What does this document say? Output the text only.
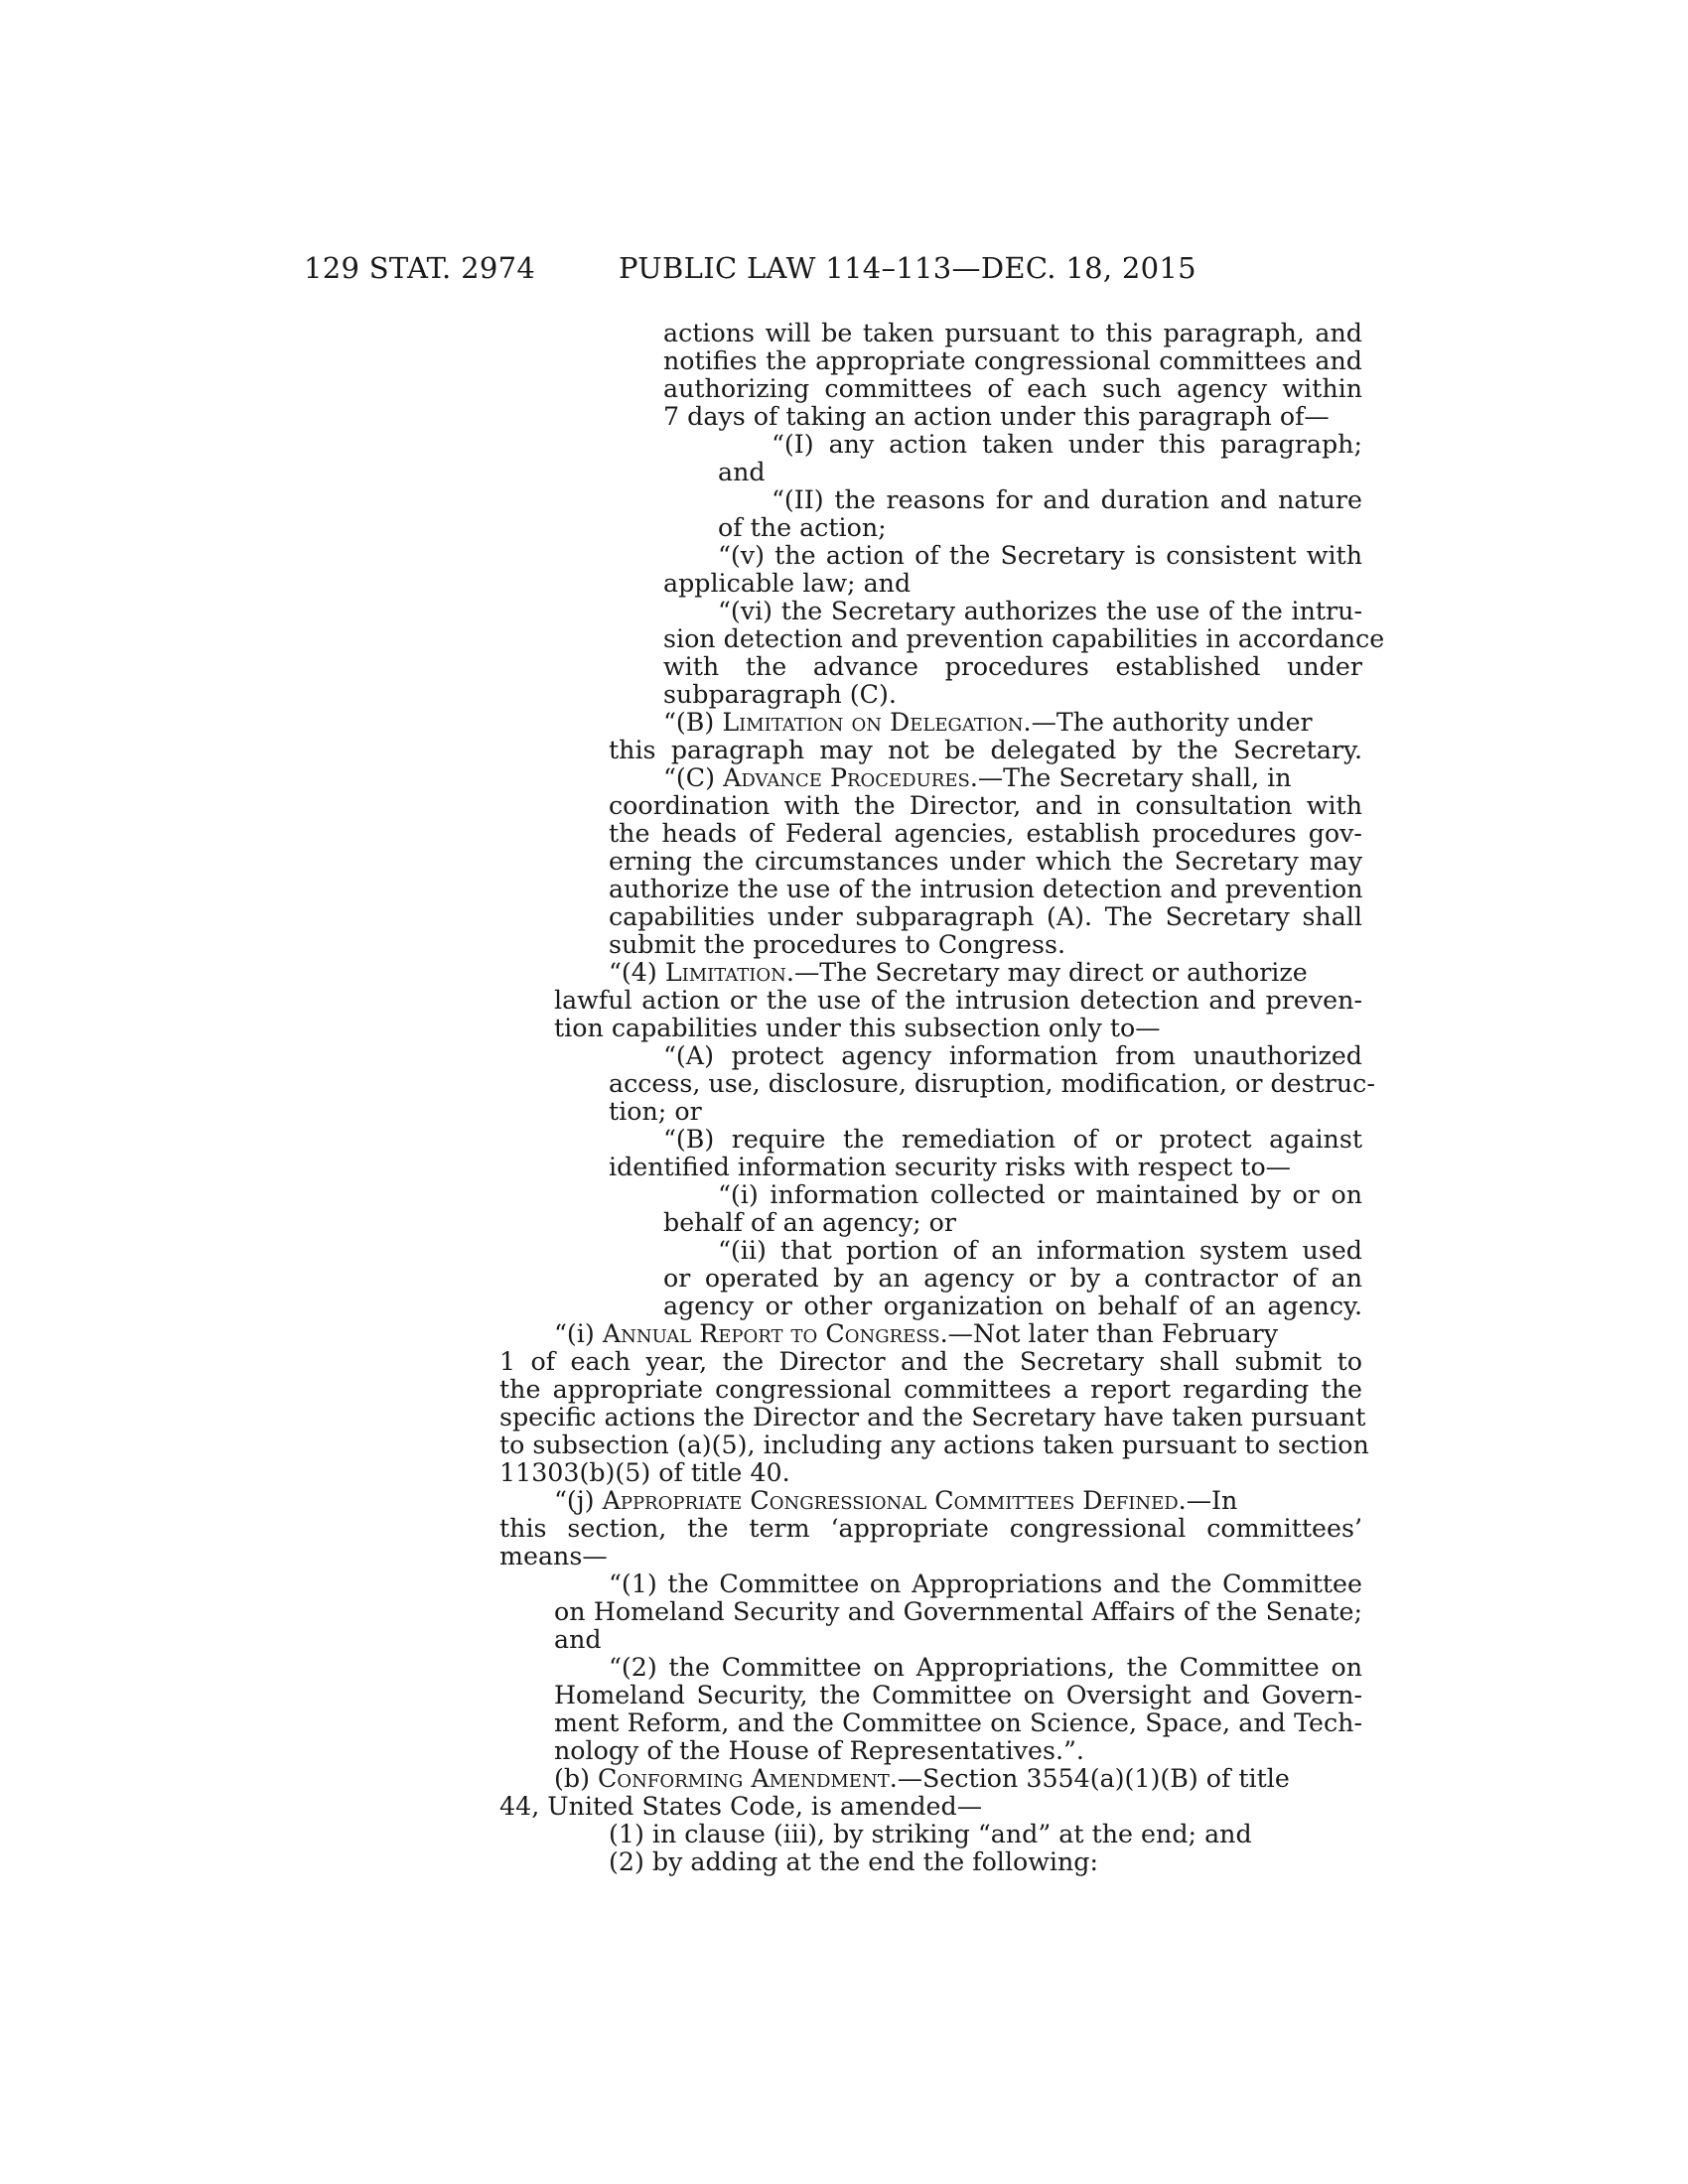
129 STAT. 2974	PUBLIC LAW 114–113—DEC. 18, 2015
actions will be taken pursuant to this paragraph, and
notifies the appropriate congressional committees and
authorizing committees of each such agency within
7 days of taking an action under this paragraph of—
“(I) any action taken under this paragraph;
and
“(II) the reasons for and duration and nature
of the action;
“(v) the action of the Secretary is consistent with
applicable law; and
“(vi) the Secretary authorizes the use of the intru-
sion detection and prevention capabilities in accordance
with the advance procedures established under
subparagraph (C).
“(B) Limitation on Delegation.—The authority under
this paragraph may not be delegated by the Secretary.
“(C) Advance Procedures.—The Secretary shall, in
coordination with the Director, and in consultation with
the heads of Federal agencies, establish procedures gov-
erning the circumstances under which the Secretary may
authorize the use of the intrusion detection and prevention
capabilities under subparagraph (A). The Secretary shall
submit the procedures to Congress.
“(4) Limitation.—The Secretary may direct or authorize
lawful action or the use of the intrusion detection and preven-
tion capabilities under this subsection only to—
“(A) protect agency information from unauthorized
access, use, disclosure, disruption, modification, or destruc-
tion; or
“(B) require the remediation of or protect against
identified information security risks with respect to—
“(i) information collected or maintained by or on
behalf of an agency; or
“(ii) that portion of an information system used
or operated by an agency or by a contractor of an
agency or other organization on behalf of an agency.
“(i) Annual Report to Congress.—Not later than February
1 of each year, the Director and the Secretary shall submit to
the appropriate congressional committees a report regarding the
specific actions the Director and the Secretary have taken pursuant
to subsection (a)(5), including any actions taken pursuant to section
11303(b)(5) of title 40.
“(j) Appropriate Congressional Committees Defined.—In
this section, the term ‘appropriate congressional committees’
means—
“(1) the Committee on Appropriations and the Committee
on Homeland Security and Governmental Affairs of the Senate;
and
“(2) the Committee on Appropriations, the Committee on
Homeland Security, the Committee on Oversight and Govern-
ment Reform, and the Committee on Science, Space, and Tech-
nology of the House of Representatives.”.
(b) Conforming Amendment.—Section 3554(a)(1)(B) of title
44, United States Code, is amended—
(1) in clause (iii), by striking “and” at the end; and
(2) by adding at the end the following:
